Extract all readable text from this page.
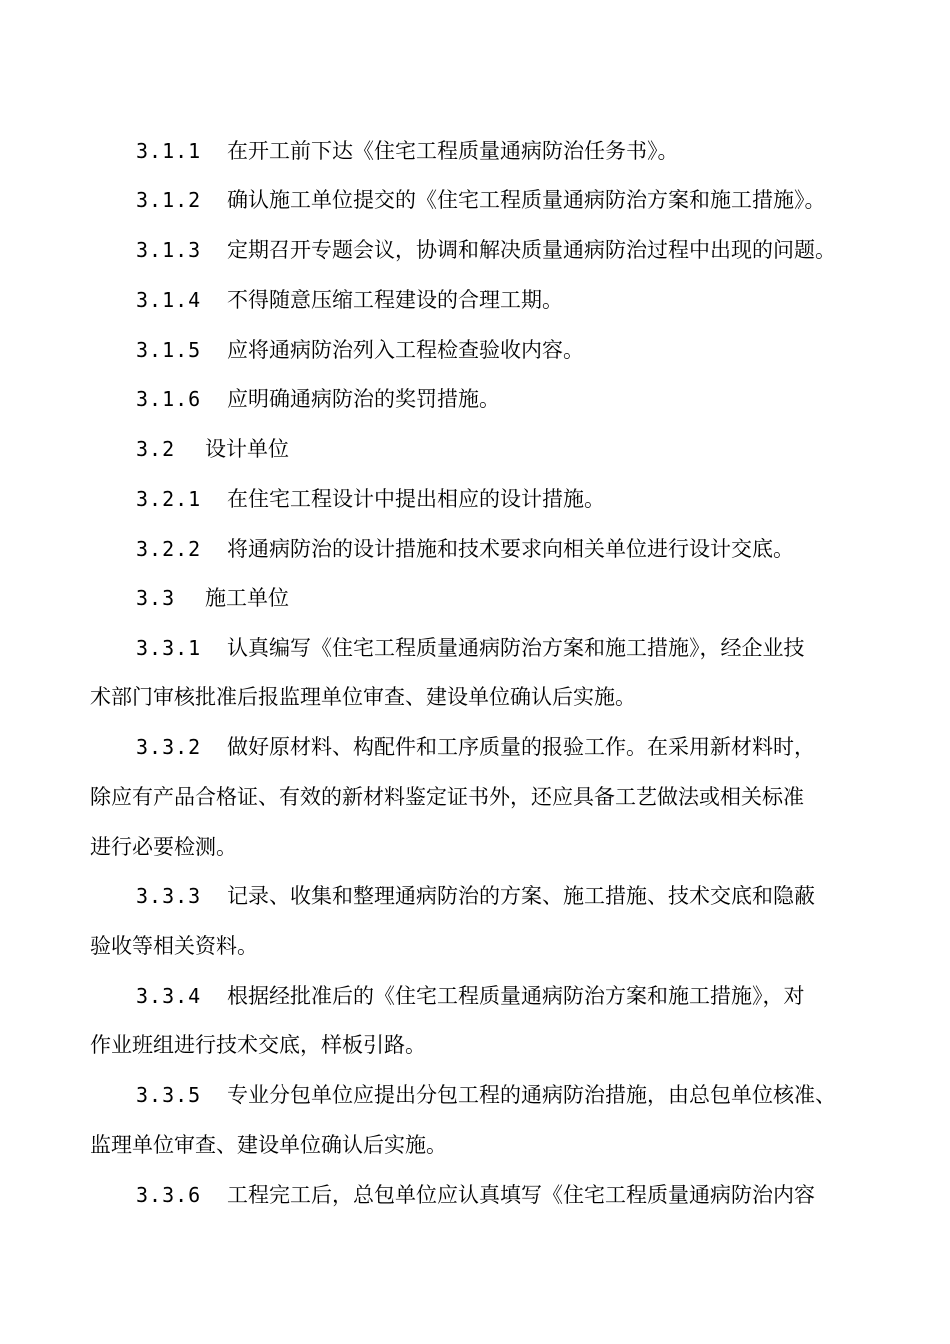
3.1.1 在开工前下达《住宅工程质量通病防治任务书》。
3.1.2 确认施工单位提交的《住宅工程质量通病防治方案和施工措施》。
3.1.3 定期召开专题会议，协调和解决质量通病防治过程中出现的问题。
3.1.4 不得随意压缩工程建设的合理工期。
3.1.5 应将通病防治列入工程检查验收内容。
3.1.6 应明确通病防治的奖罚措施。
3.2 设计单位
3.2.1 在住宅工程设计中提出相应的设计措施。
3.2.2 将通病防治的设计措施和技术要求向相关单位进行设计交底。
3.3 施工单位
3.3.1 认真编写《住宅工程质量通病防治方案和施工措施》，经企业技
术部门审核批准后报监理单位审查、建设单位确认后实施。
3.3.2 做好原材料、构配件和工序质量的报验工作。在采用新材料时，
除应有产品合格证、有效的新材料鉴定证书外，还应具备工艺做法或相关标准
进行必要检测。
3.3.3 记录、收集和整理通病防治的方案、施工措施、技术交底和隐蔽
验收等相关资料。
3.3.4 根据经批准后的《住宅工程质量通病防治方案和施工措施》，对
作业班组进行技术交底，样板引路。
3.3.5 专业分包单位应提出分包工程的通病防治措施，由总包单位核准、
监理单位审查、建设单位确认后实施。
3.3.6 工程完工后，总包单位应认真填写《住宅工程质量通病防治内容
